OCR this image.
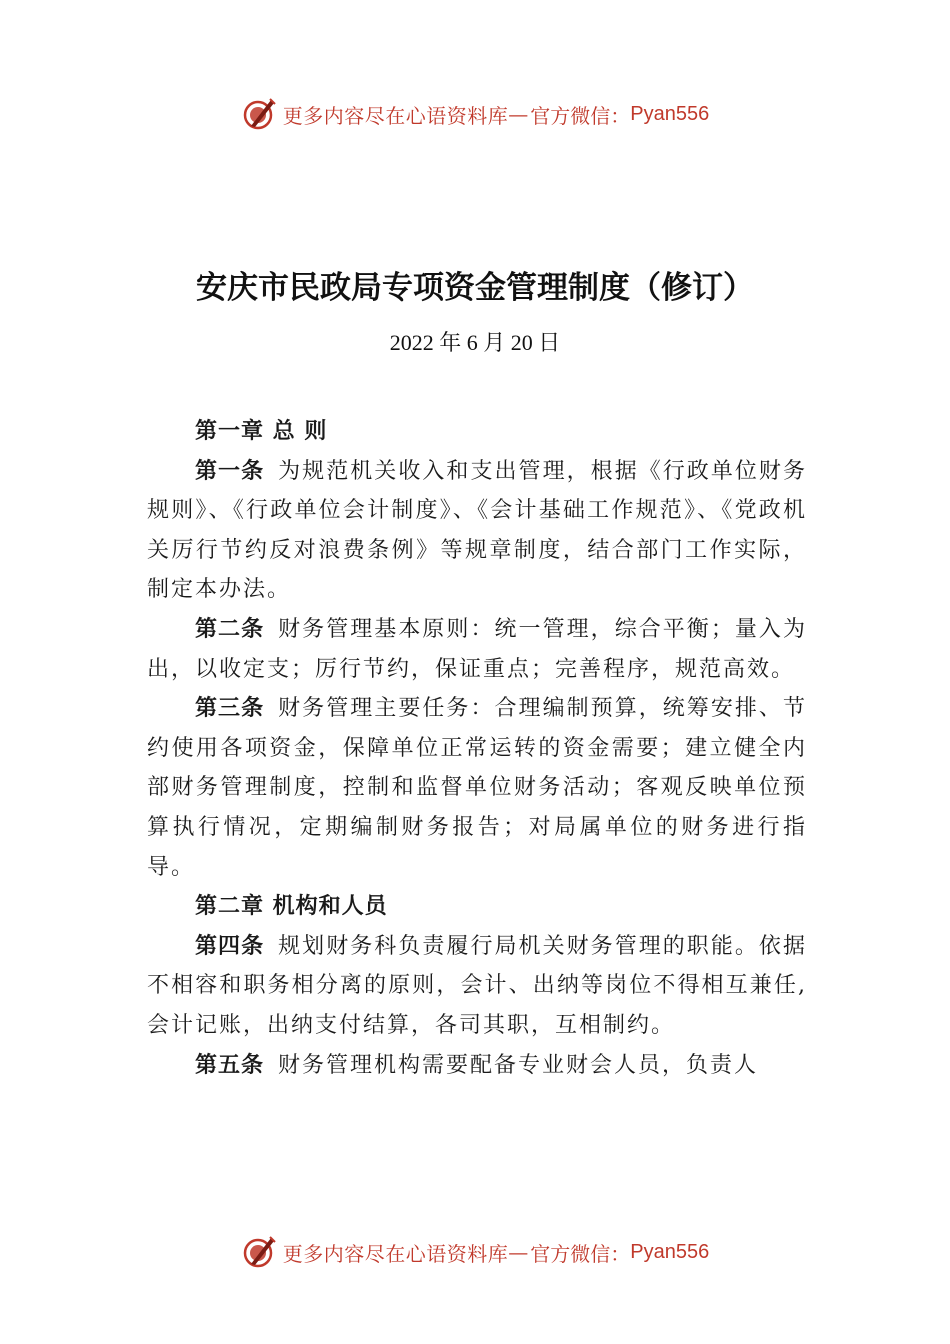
更多内容尽在心语资料库 — 官方微信： Pyan556
安庆市民政局专项资金管理制度（修订）
2022 年 6 月 20 日

第一章 总 则

第一条 为规范机关收入和支出管理，根据《行政单位财务规则》、《行政单位会计制度》、《会计基础工作规范》、《党政机关厉行节约反对浪费条例》等规章制度，结合部门工作实际，制定本办法。

第二条 财务管理基本原则：统一管理，综合平衡；量入为出，以收定支；厉行节约，保证重点；完善程序，规范高效。

第三条 财务管理主要任务：合理编制预算，统筹安排、节约使用各项资金，保障单位正常运转的资金需要；建立健全内部财务管理制度，控制和监督单位财务活动；客观反映单位预算执行情况，定期编制财务报告；对局属单位的财务进行指导。

第二章 机构和人员

第四条 规划财务科负责履行局机关财务管理的职能。依据不相容和职务相分离的原则，会计、出纳等岗位不得相互兼任,会计记账，出纳支付结算，各司其职，互相制约。

第五条 财务管理机构需要配备专业财会人员，负责人

更多内容尽在心语资料库 — 官方微信： Pyan556
